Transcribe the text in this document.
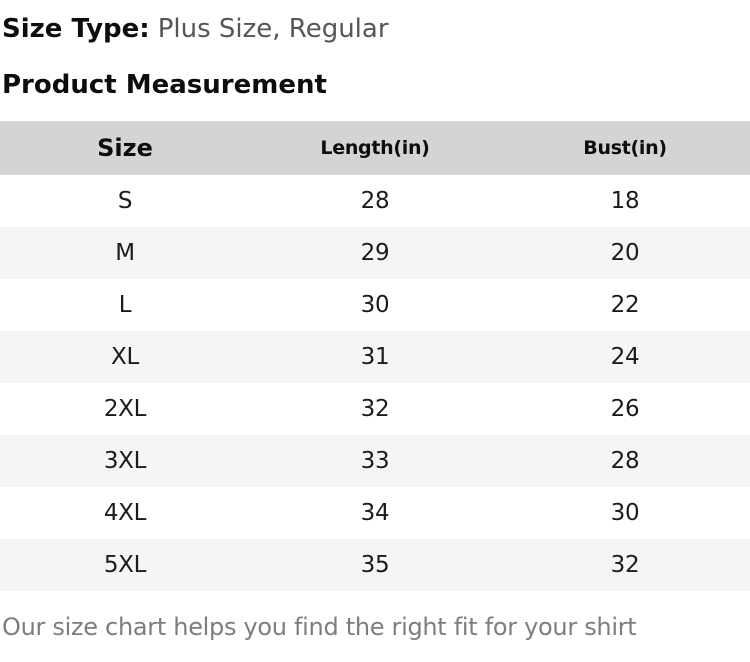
Size Type: Plus Size, Regular
Product Measurement
Size	Length(in)	Bust(in)
S	28	18
M	29	20
L	30	22
XL	31	24
2XL	32	26
3XL	33	28
4XL	34	30
5XL	35	32

Our size chart helps you find the right fit for your shirt
